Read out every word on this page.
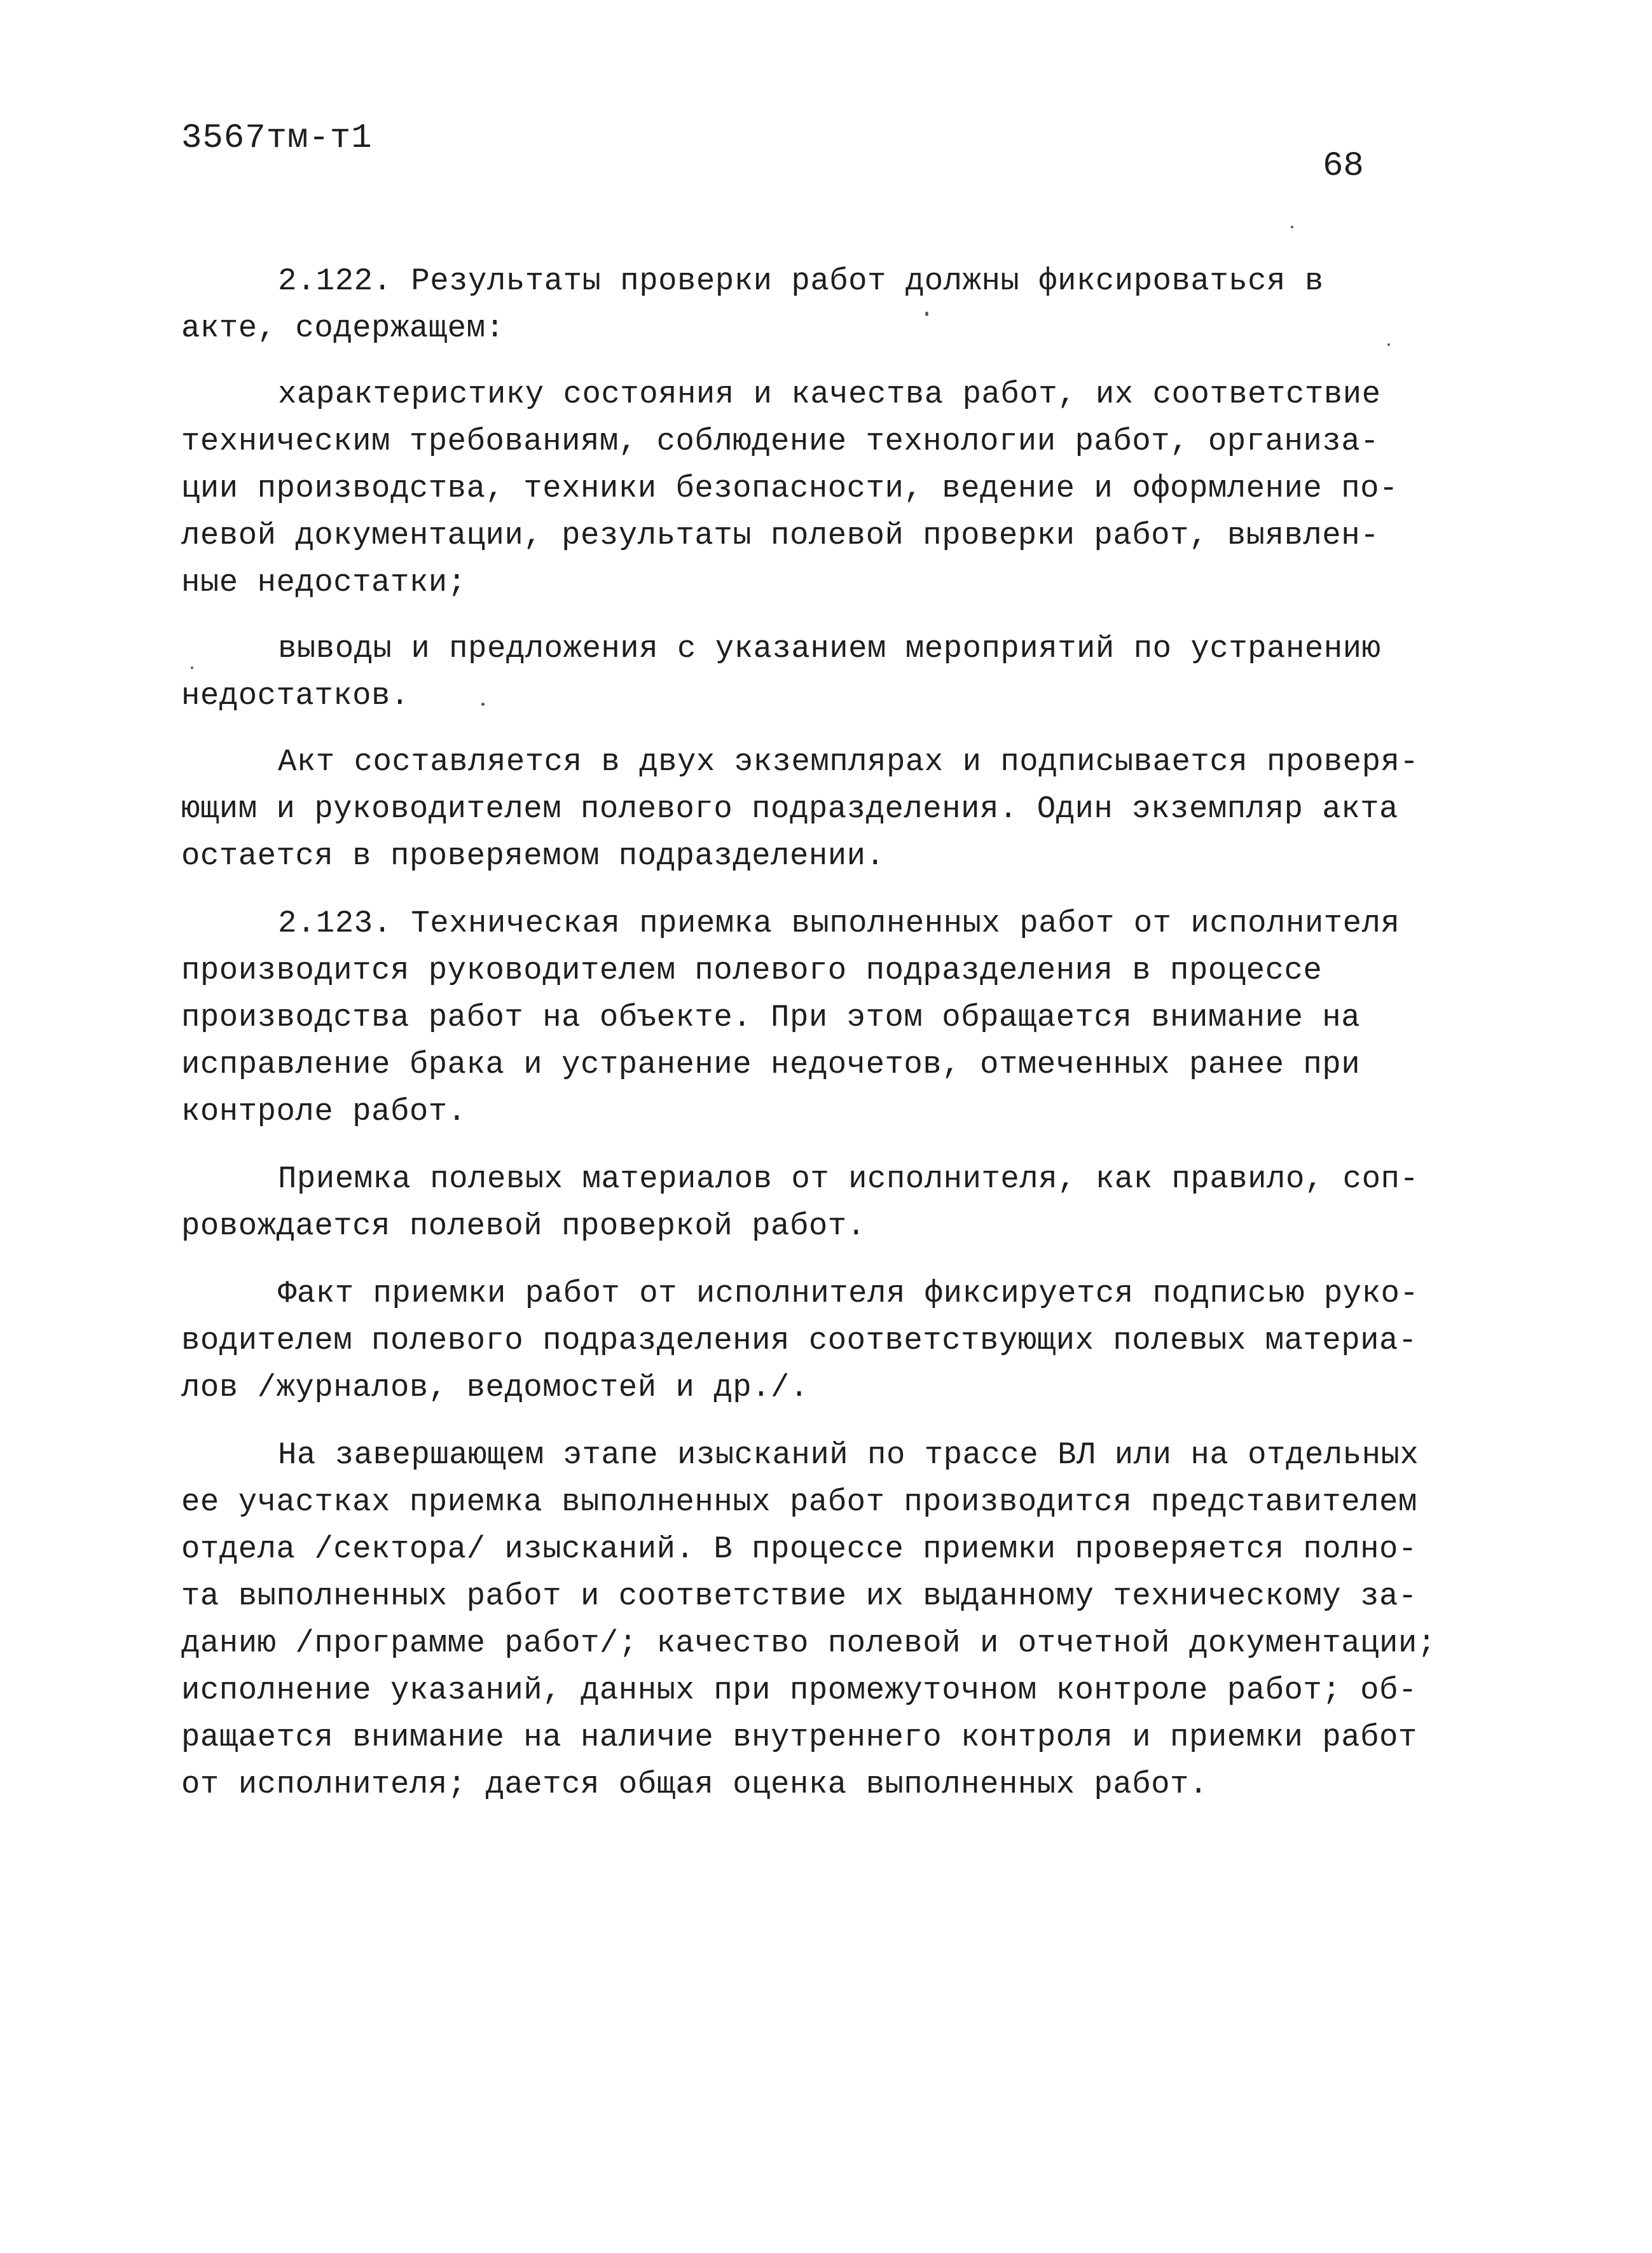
3567тм-т1
68

2.122. Результаты проверки работ должны фиксироваться в
акте, содержащем:

характеристику состояния и качества работ, их соответствие
техническим требованиям, соблюдение технологии работ, организа-
ции производства, техники безопасности, ведение и оформление по-
левой документации, результаты полевой проверки работ, выявлен-
ные недостатки;

выводы и предложения с указанием мероприятий по устранению
недостатков.

Акт составляется в двух экземплярах и подписывается проверя-
ющим и руководителем полевого подразделения. Один экземпляр акта
остается в проверяемом подразделении.

2.123. Техническая приемка выполненных работ от исполнителя
производится руководителем полевого подразделения в процессе
производства работ на объекте. При этом обращается внимание на
исправление брака и устранение недочетов, отмеченных ранее при
контроле работ.

Приемка полевых материалов от исполнителя, как правило, соп-
ровождается полевой проверкой работ.

Факт приемки работ от исполнителя фиксируется подписью руко-
водителем полевого подразделения соответствующих полевых материа-
лов /журналов, ведомостей и др./.

На завершающем этапе изысканий по трассе ВЛ или на отдельных
ее участках приемка выполненных работ производится представителем
отдела /сектора/ изысканий. В процессе приемки проверяется полно-
та выполненных работ и соответствие их выданному техническому за-
данию /программе работ/; качество полевой и отчетной документации;
исполнение указаний, данных при промежуточном контроле работ; об-
ращается внимание на наличие внутреннего контроля и приемки работ
от исполнителя; дается общая оценка выполненных работ.
